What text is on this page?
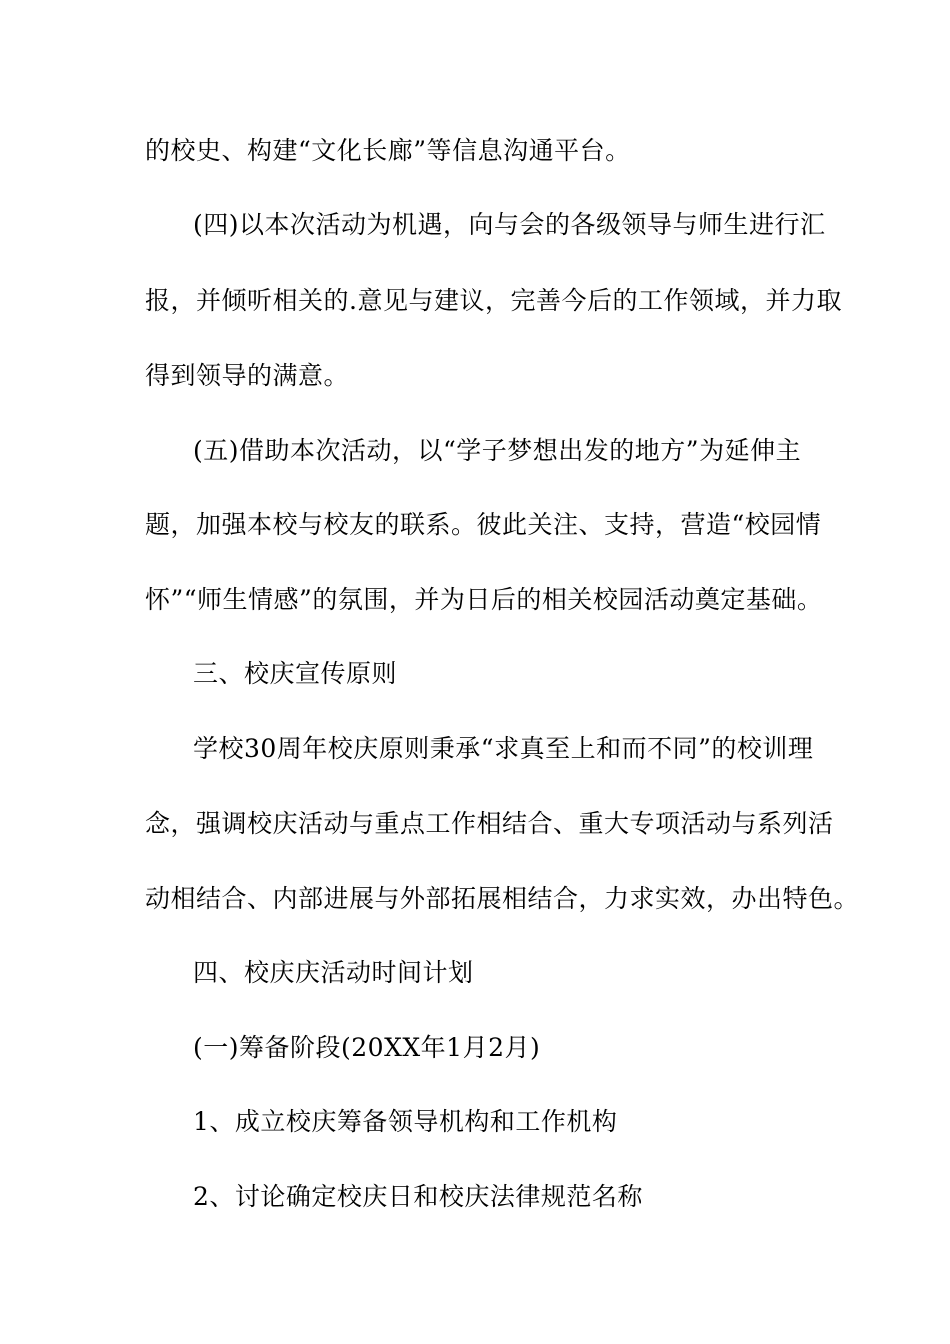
的校史、构建“文化长廊”等信息沟通平台。
(四)以本次活动为机遇，向与会的各级领导与师生进行汇
报，并倾听相关的.意见与建议，完善今后的工作领域，并力取
得到领导的满意。
(五)借助本次活动，以“学子梦想出发的地方”为延伸主
题，加强本校与校友的联系。彼此关注、支持，营造“校园情
怀”“师生情感”的氛围，并为日后的相关校园活动奠定基础。
三、校庆宣传原则
学校30周年校庆原则秉承“求真至上和而不同”的校训理
念，强调校庆活动与重点工作相结合、重大专项活动与系列活
动相结合、内部进展与外部拓展相结合，力求实效，办出特色。
四、校庆庆活动时间计划
(一)筹备阶段(20XX年1月2月)
1、成立校庆筹备领导机构和工作机构
2、讨论确定校庆日和校庆法律规范名称
